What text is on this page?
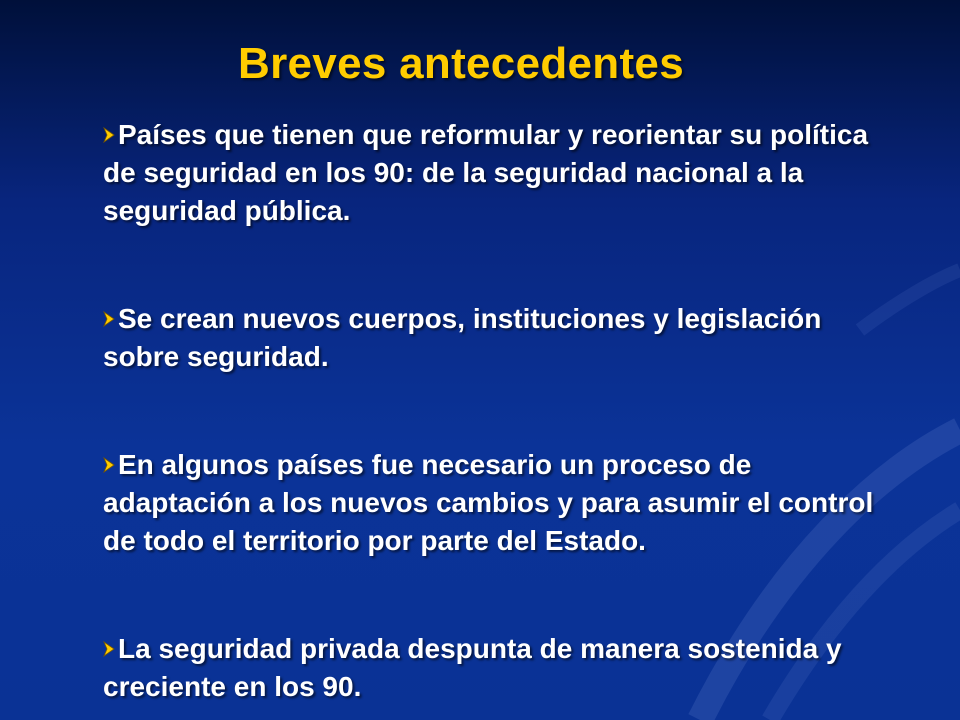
Breves antecedentes
Países que tienen que reformular y reorientar su política de seguridad en los 90: de la seguridad nacional a la seguridad pública.
Se crean nuevos cuerpos, instituciones y legislación sobre seguridad.
En algunos países fue necesario un proceso de adaptación a los nuevos cambios y para asumir el control de todo el territorio por parte del Estado.
La seguridad privada despunta de manera sostenida y creciente en los 90.
